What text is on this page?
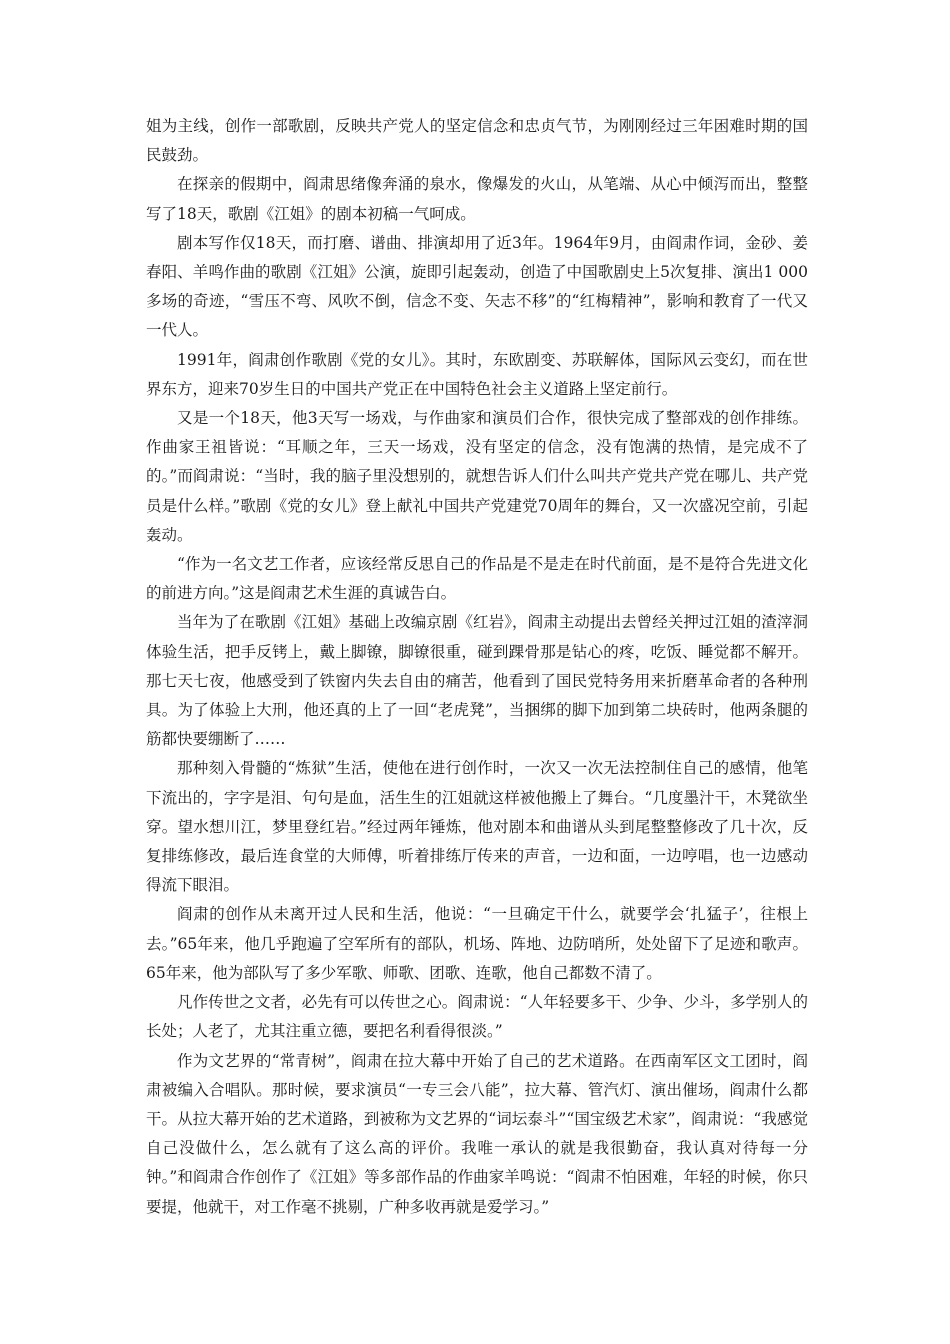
姐为主线，创作一部歌剧，反映共产党人的坚定信念和忠贞气节，为刚刚经过三年困难时期的国民鼓劲。

在探亲的假期中，阎肃思绪像奔涌的泉水，像爆发的火山，从笔端、从心中倾泻而出，整整写了18天，歌剧《江姐》的剧本初稿一气呵成。

剧本写作仅18天，而打磨、谱曲、排演却用了近3年。1964年9月，由阎肃作词，金砂、姜春阳、羊鸣作曲的歌剧《江姐》公演，旋即引起轰动，创造了中国歌剧史上5次复排、演出1 000多场的奇迹，“雪压不弯、风吹不倒，信念不变、矢志不移”的“红梅精神”，影响和教育了一代又一代人。

1991年，阎肃创作歌剧《党的女儿》。其时，东欧剧变、苏联解体，国际风云变幻，而在世界东方，迎来70岁生日的中国共产党正在中国特色社会主义道路上坚定前行。

又是一个18天，他3天写一场戏，与作曲家和演员们合作，很快完成了整部戏的创作排练。作曲家王祖皆说：“耳顺之年，三天一场戏，没有坚定的信念，没有饱满的热情，是完成不了的。”而阎肃说：“当时，我的脑子里没想别的，就想告诉人们什么叫共产党共产党在哪儿、共产党员是什么样。”歌剧《党的女儿》登上献礼中国共产党建党70周年的舞台，又一次盛况空前，引起轰动。

“作为一名文艺工作者，应该经常反思自己的作品是不是走在时代前面，是不是符合先进文化的前进方向。”这是阎肃艺术生涯的真诚告白。

当年为了在歌剧《江姐》基础上改编京剧《红岩》，阎肃主动提出去曾经关押过江姐的渣滓洞体验生活，把手反铐上，戴上脚镣，脚镣很重，碰到踝骨那是钻心的疼，吃饭、睡觉都不解开。那七天七夜，他感受到了铁窗内失去自由的痛苦，他看到了国民党特务用来折磨革命者的各种刑具。为了体验上大刑，他还真的上了一回“老虎凳”，当捆绑的脚下加到第二块砖时，他两条腿的筋都快要绷断了……

那种刻入骨髓的“炼狱”生活，使他在进行创作时，一次又一次无法控制住自己的感情，他笔下流出的，字字是泪、句句是血，活生生的江姐就这样被他搬上了舞台。“几度墨汁干，木凳欲坐穿。望水想川江，梦里登红岩。”经过两年锤炼，他对剧本和曲谱从头到尾整整修改了几十次，反复排练修改，最后连食堂的大师傅，听着排练厅传来的声音，一边和面，一边哼唱，也一边感动得流下眼泪。

阎肃的创作从未离开过人民和生活，他说：“一旦确定干什么，就要学会‘扎猛子’，往根上去。”65年来，他几乎跑遍了空军所有的部队，机场、阵地、边防哨所，处处留下了足迹和歌声。65年来，他为部队写了多少军歌、师歌、团歌、连歌，他自己都数不清了。

凡作传世之文者，必先有可以传世之心。阎肃说：“人年轻要多干、少争、少斗，多学别人的长处；人老了，尤其注重立德，要把名利看得很淡。”

作为文艺界的“常青树”，阎肃在拉大幕中开始了自己的艺术道路。在西南军区文工团时，阎肃被编入合唱队。那时候，要求演员“一专三会八能”，拉大幕、管汽灯、演出催场，阎肃什么都干。从拉大幕开始的艺术道路，到被称为文艺界的“词坛泰斗”“国宝级艺术家”，阎肃说：“我感觉自己没做什么，怎么就有了这么高的评价。我唯一承认的就是我很勤奋，我认真对待每一分钟。”和阎肃合作创作了《江姐》等多部作品的作曲家羊鸣说：“阎肃不怕困难，年轻的时候，你只要提，他就干，对工作毫不挑剔，广种多收再就是爱学习。”
